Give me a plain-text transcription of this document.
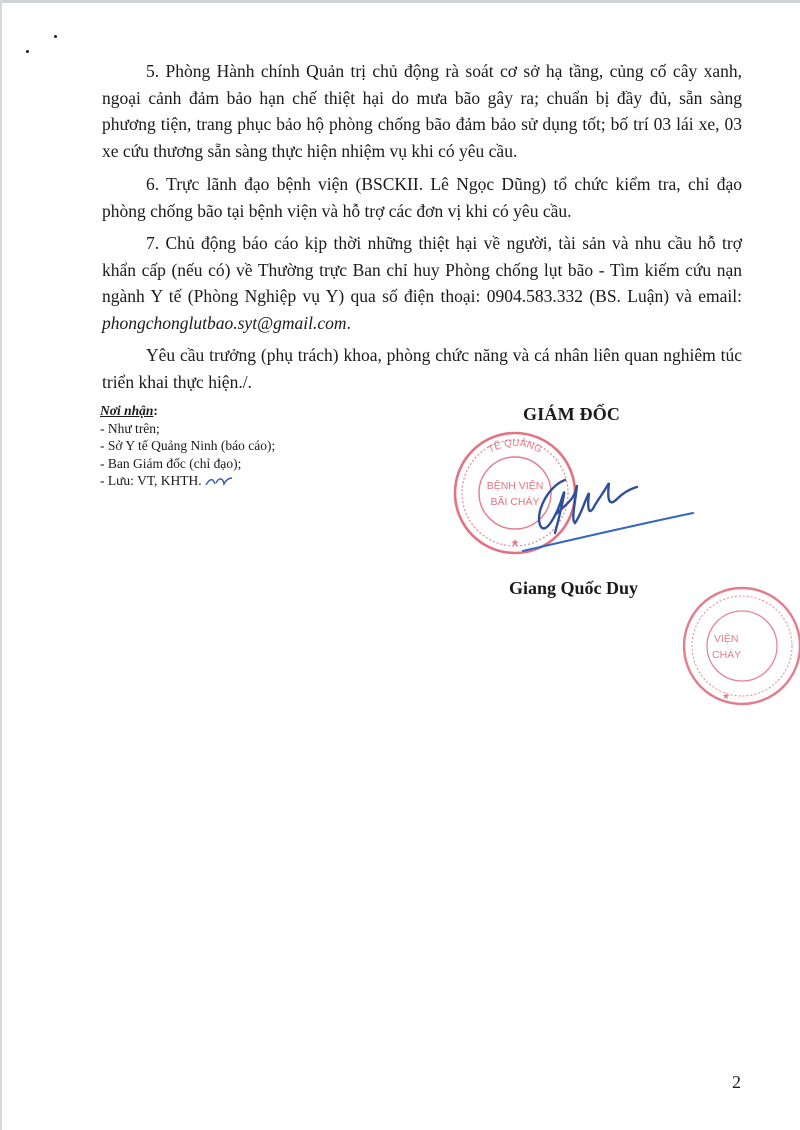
5. Phòng Hành chính Quản trị chủ động rà soát cơ sở hạ tầng, củng cố cây xanh, ngoại cảnh đảm bảo hạn chế thiệt hại do mưa bão gây ra; chuẩn bị đầy đủ, sẵn sàng phương tiện, trang phục bảo hộ phòng chống bão đảm bảo sử dụng tốt; bố trí 03 lái xe, 03 xe cứu thương sẵn sàng thực hiện nhiệm vụ khi có yêu cầu.

6. Trực lãnh đạo bệnh viện (BSCKII. Lê Ngọc Dũng) tổ chức kiểm tra, chỉ đạo phòng chống bão tại bệnh viện và hỗ trợ các đơn vị khi có yêu cầu.

7. Chủ động báo cáo kịp thời những thiệt hại về người, tài sản và nhu cầu hỗ trợ khẩn cấp (nếu có) về Thường trực Ban chỉ huy Phòng chống lụt bão - Tìm kiếm cứu nạn ngành Y tế (Phòng Nghiệp vụ Y) qua số điện thoại: 0904.583.332 (BS. Luận) và email: phongchonglutbao.syt@gmail.com.

Yêu cầu trưởng (phụ trách) khoa, phòng chức năng và cá nhân liên quan nghiêm túc triển khai thực hiện./.

Nơi nhận:
- Như trên;
- Sở Y tế Quảng Ninh (báo cáo);
- Ban Giám đốc (chỉ đạo);
- Lưu: VT, KHTH.
GIÁM ĐỐC
TẾ QUẢNG
BỆNH VIỆN
BÃI CHÁY
★
Giang Quốc Duy
VIỆN
CHÁY
★
2
